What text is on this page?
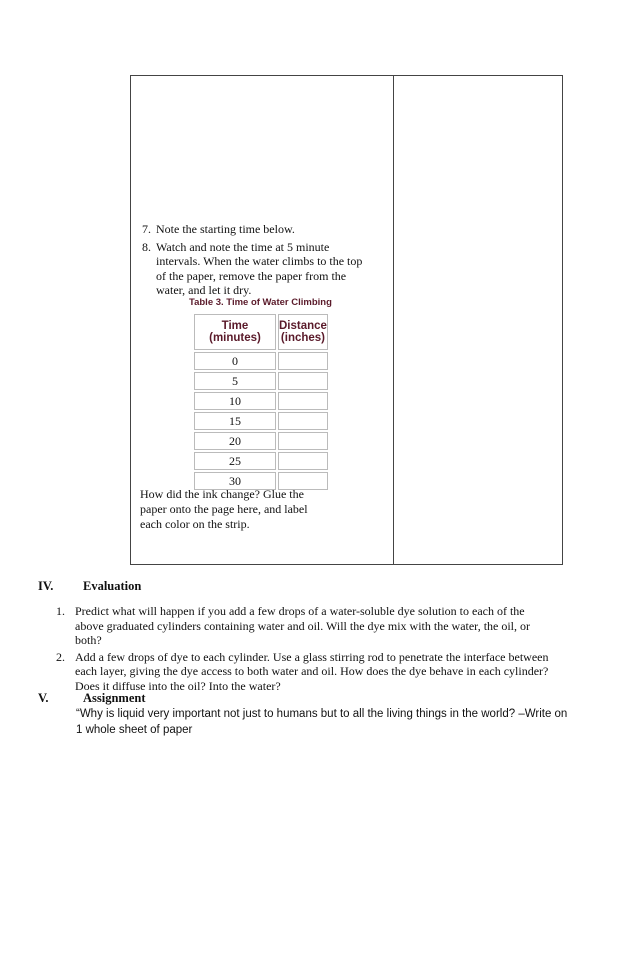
7. Note the starting time below.
8. Watch and note the time at 5 minute intervals. When the water climbs to the top of the paper, remove the paper from the water, and let it dry.
Table 3. Time of Water Climbing
Time (minutes)	Distance (inches)
0	
5	
10	
15	
20	
25	
30	
How did the ink change? Glue the paper onto the page here, and label each color on the strip.
IV. Evaluation
1. Predict what will happen if you add a few drops of a water-soluble dye solution to each of the above graduated cylinders containing water and oil. Will the dye mix with the water, the oil, or both?
2. Add a few drops of dye to each cylinder. Use a glass stirring rod to penetrate the interface between each layer, giving the dye access to both water and oil. How does the dye behave in each cylinder? Does it diffuse into the oil? Into the water?
V.	Assignment
“Why is liquid very important not just to humans but to all the living things in the world? –Write on 1 whole sheet of paper
